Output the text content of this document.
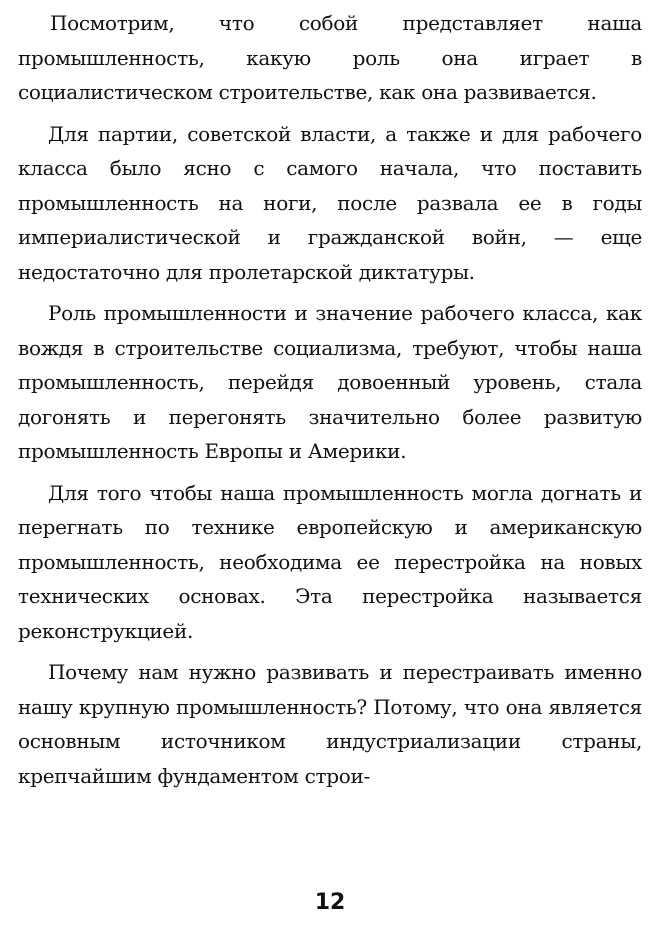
Посмотрим, что собой представляет наша промышленность, какую роль она играет в социалистическом строительстве, как она развивается.

Для партии, советской власти, а также и для рабочего класса было ясно с самого начала, что поставить промышленность на ноги, после развала ее в годы империалистической и гражданской войн, — еще недостаточно для пролетарской диктатуры.

Роль промышленности и значение рабочего класса, как вождя в строительстве социализма, требуют, чтобы наша промышленность, перейдя довоенный уровень, стала догонять и перегонять значительно более развитую промышленность Европы и Америки.

Для того чтобы наша промышленность могла догнать и перегнать по технике европейскую и американскую промышленность, необходима ее перестройка на новых технических основах. Эта перестройка называется реконструкцией.

Почему нам нужно развивать и перестраивать именно нашу крупную промышленность? Потому, что она является основным источником индустриализации страны, крепчайшим фундаментом строи-

12
